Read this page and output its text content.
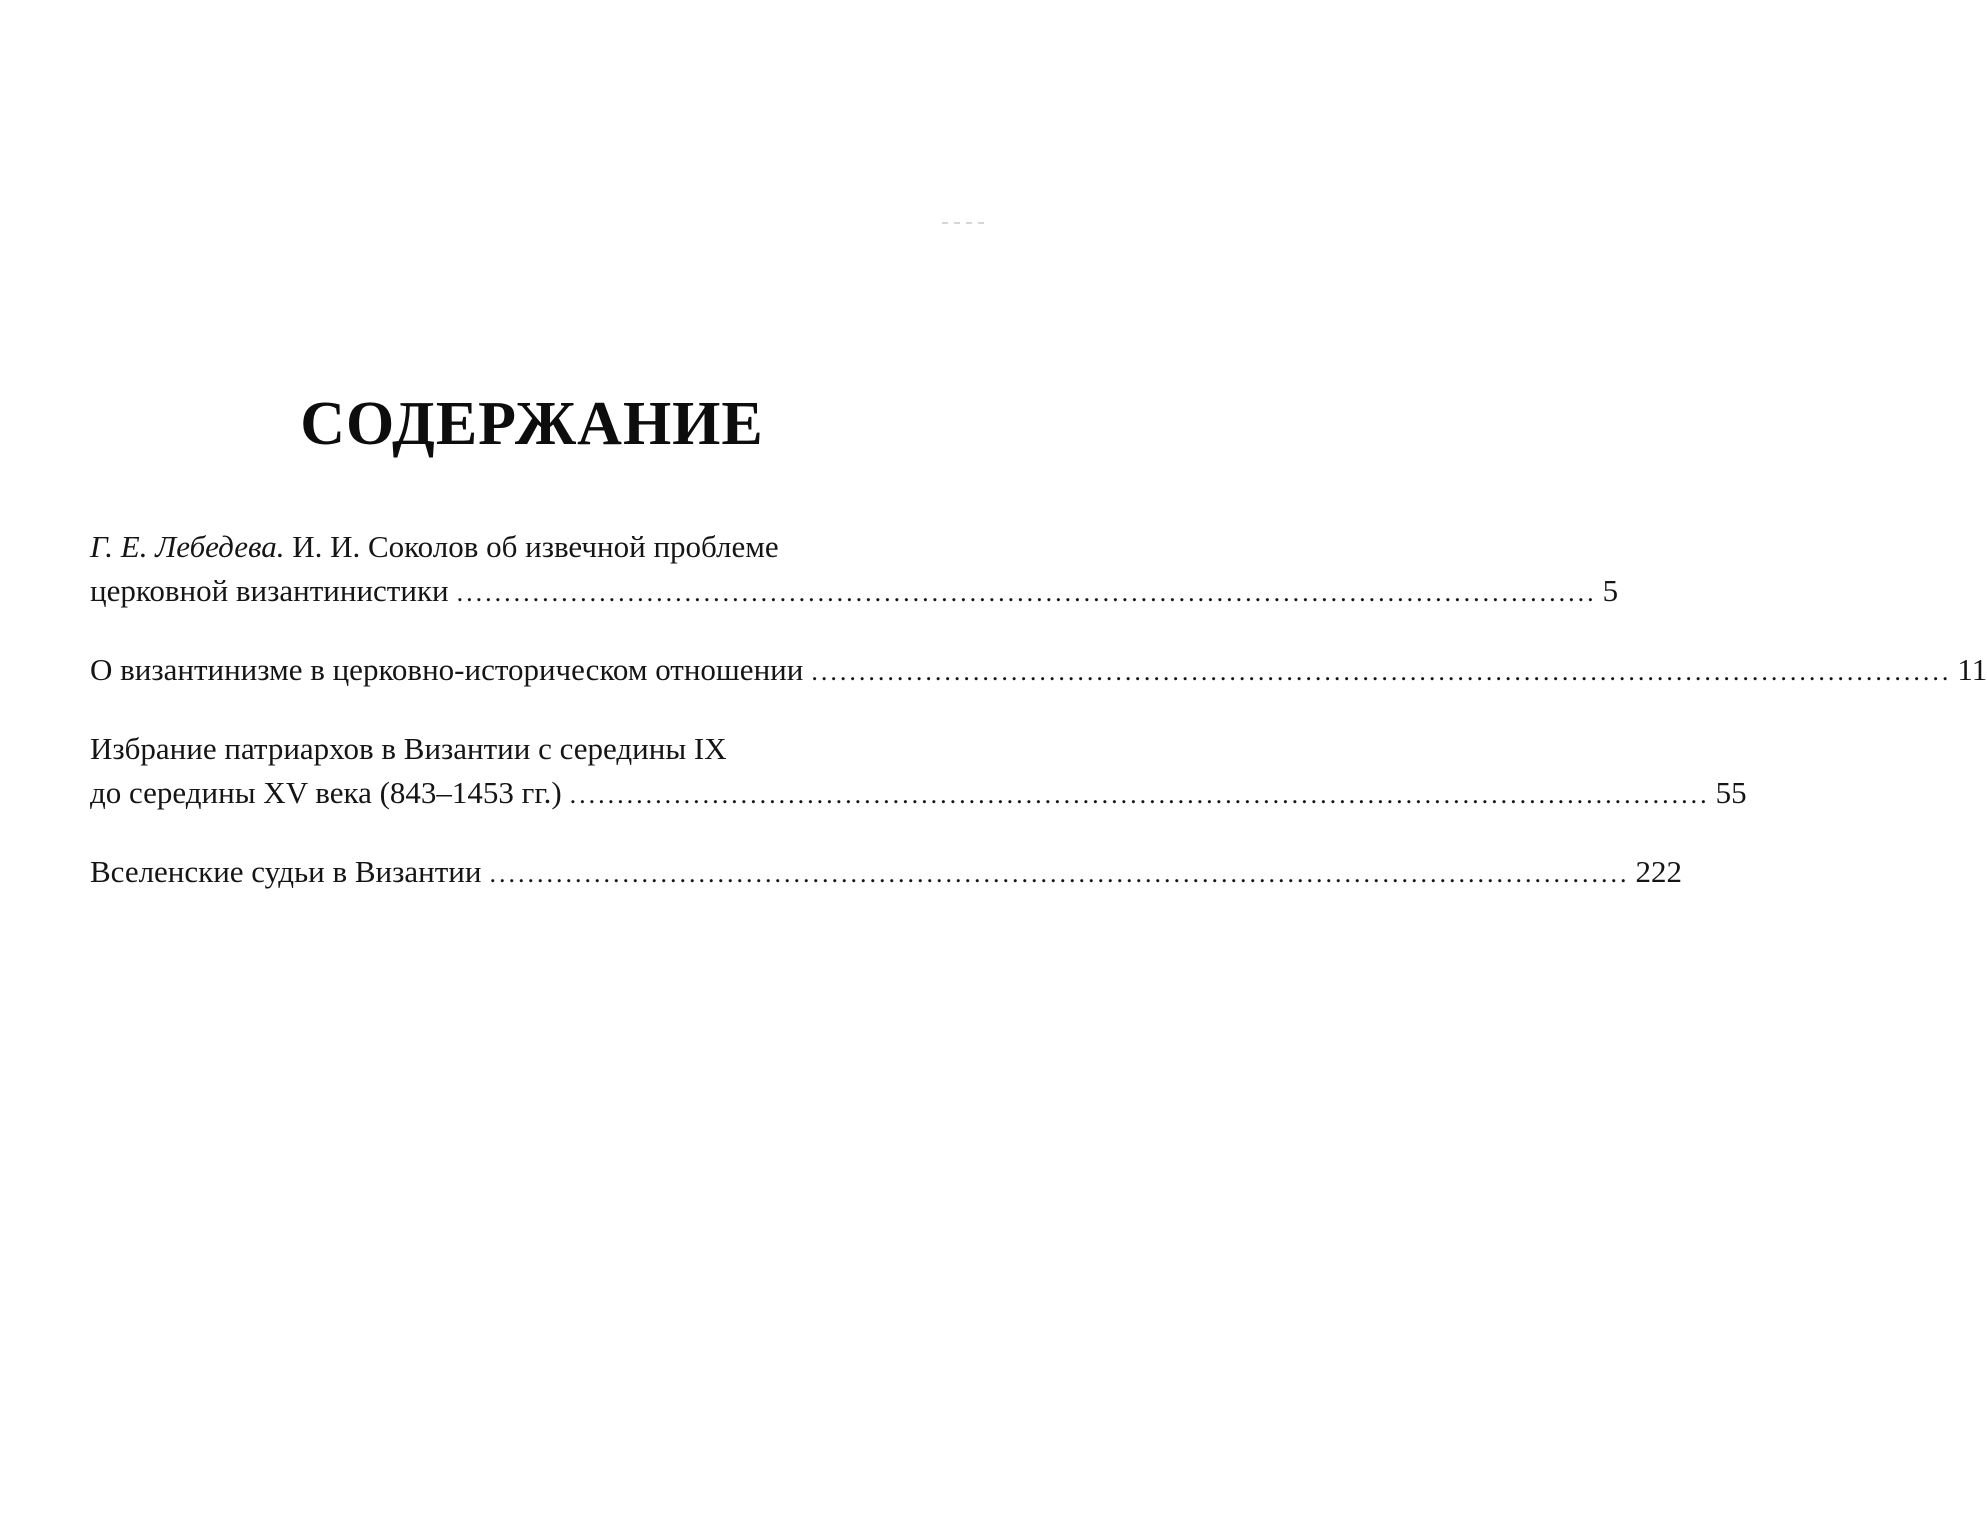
СОДЕРЖАНИЕ
Г. Е. Лебедева. И. И. Соколов об извечной проблеме
церковной византинистики ........................................................................................................................ 5
О византинизме в церковно-историческом отношении ........................................................................................................................ 11
Избрание патриархов в Византии с середины IX
до середины XV века (843–1453 гг.) ........................................................................................................................ 55
Вселенские судьи в Византии ........................................................................................................................ 222
